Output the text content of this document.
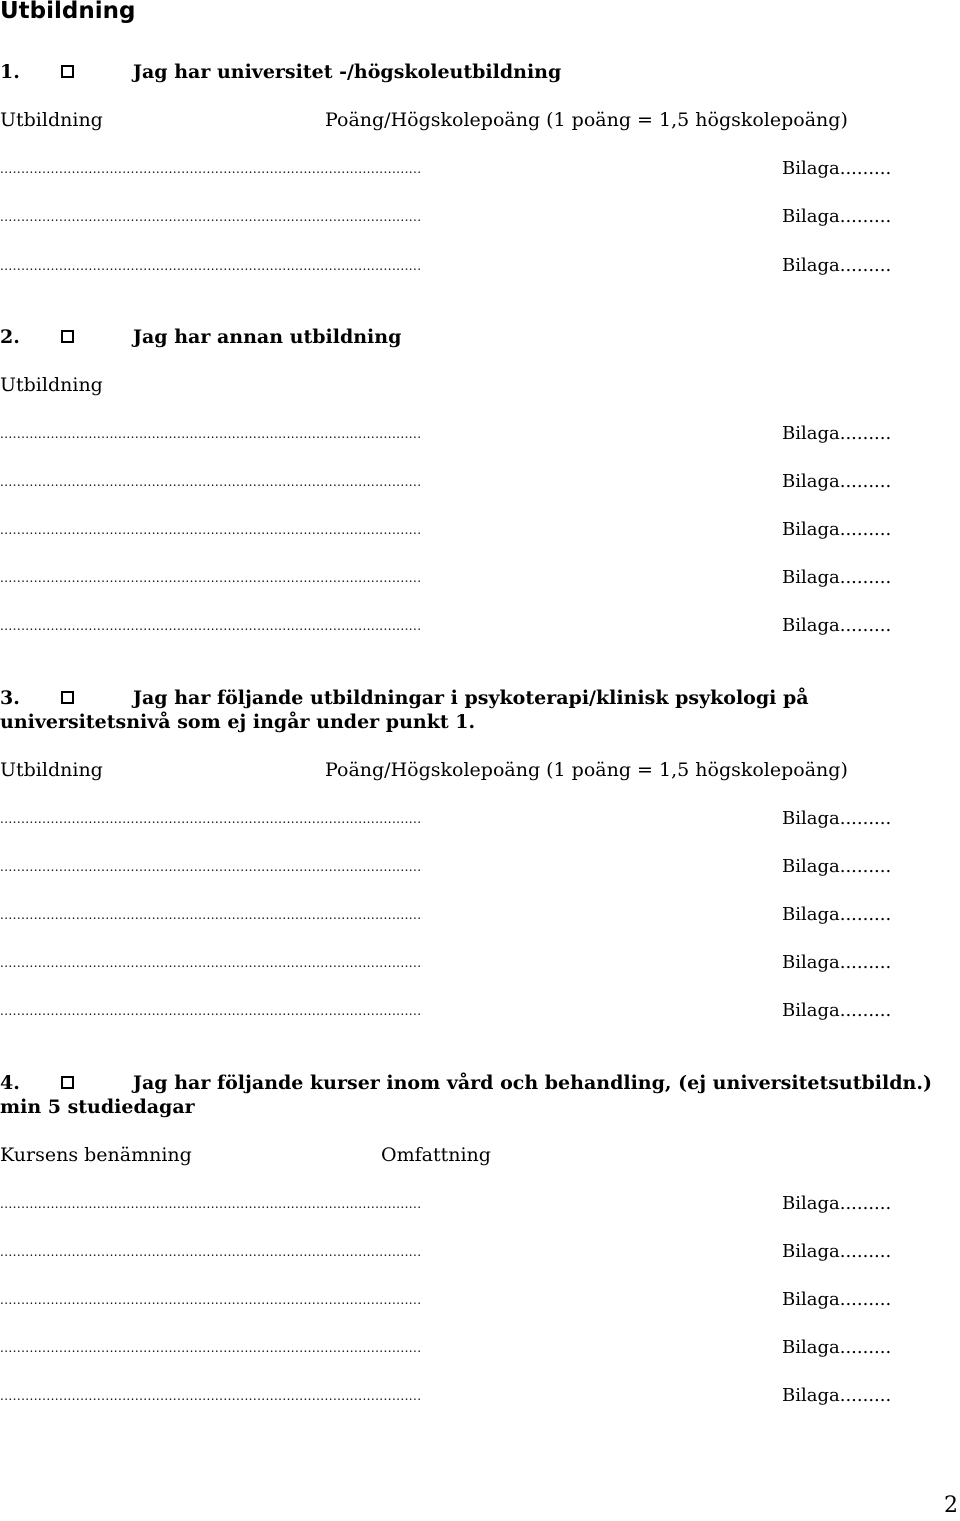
Utbildning
1.	Jag har universitet -/högskoleutbildning
Utbildning	Poäng/Högskolepoäng (1 poäng = 1,5 högskolepoäng)
....................................................................................................	Bilaga.........
....................................................................................................	Bilaga.........
....................................................................................................	Bilaga.........
2.	Jag har annan utbildning
Utbildning
....................................................................................................	Bilaga.........
....................................................................................................	Bilaga.........
....................................................................................................	Bilaga.........
....................................................................................................	Bilaga.........
....................................................................................................	Bilaga.........
3.	Jag har följande utbildningar i psykoterapi/klinisk psykologi på
universitetsnivå som ej ingår under punkt 1.
Utbildning	Poäng/Högskolepoäng (1 poäng = 1,5 högskolepoäng)
....................................................................................................	Bilaga.........
....................................................................................................	Bilaga.........
....................................................................................................	Bilaga.........
....................................................................................................	Bilaga.........
....................................................................................................	Bilaga.........
4.	Jag har följande kurser inom vård och behandling, (ej universitetsutbildn.)
min 5 studiedagar
Kursens benämning	Omfattning
....................................................................................................	Bilaga.........
....................................................................................................	Bilaga.........
....................................................................................................	Bilaga.........
....................................................................................................	Bilaga.........
....................................................................................................	Bilaga.........
2
